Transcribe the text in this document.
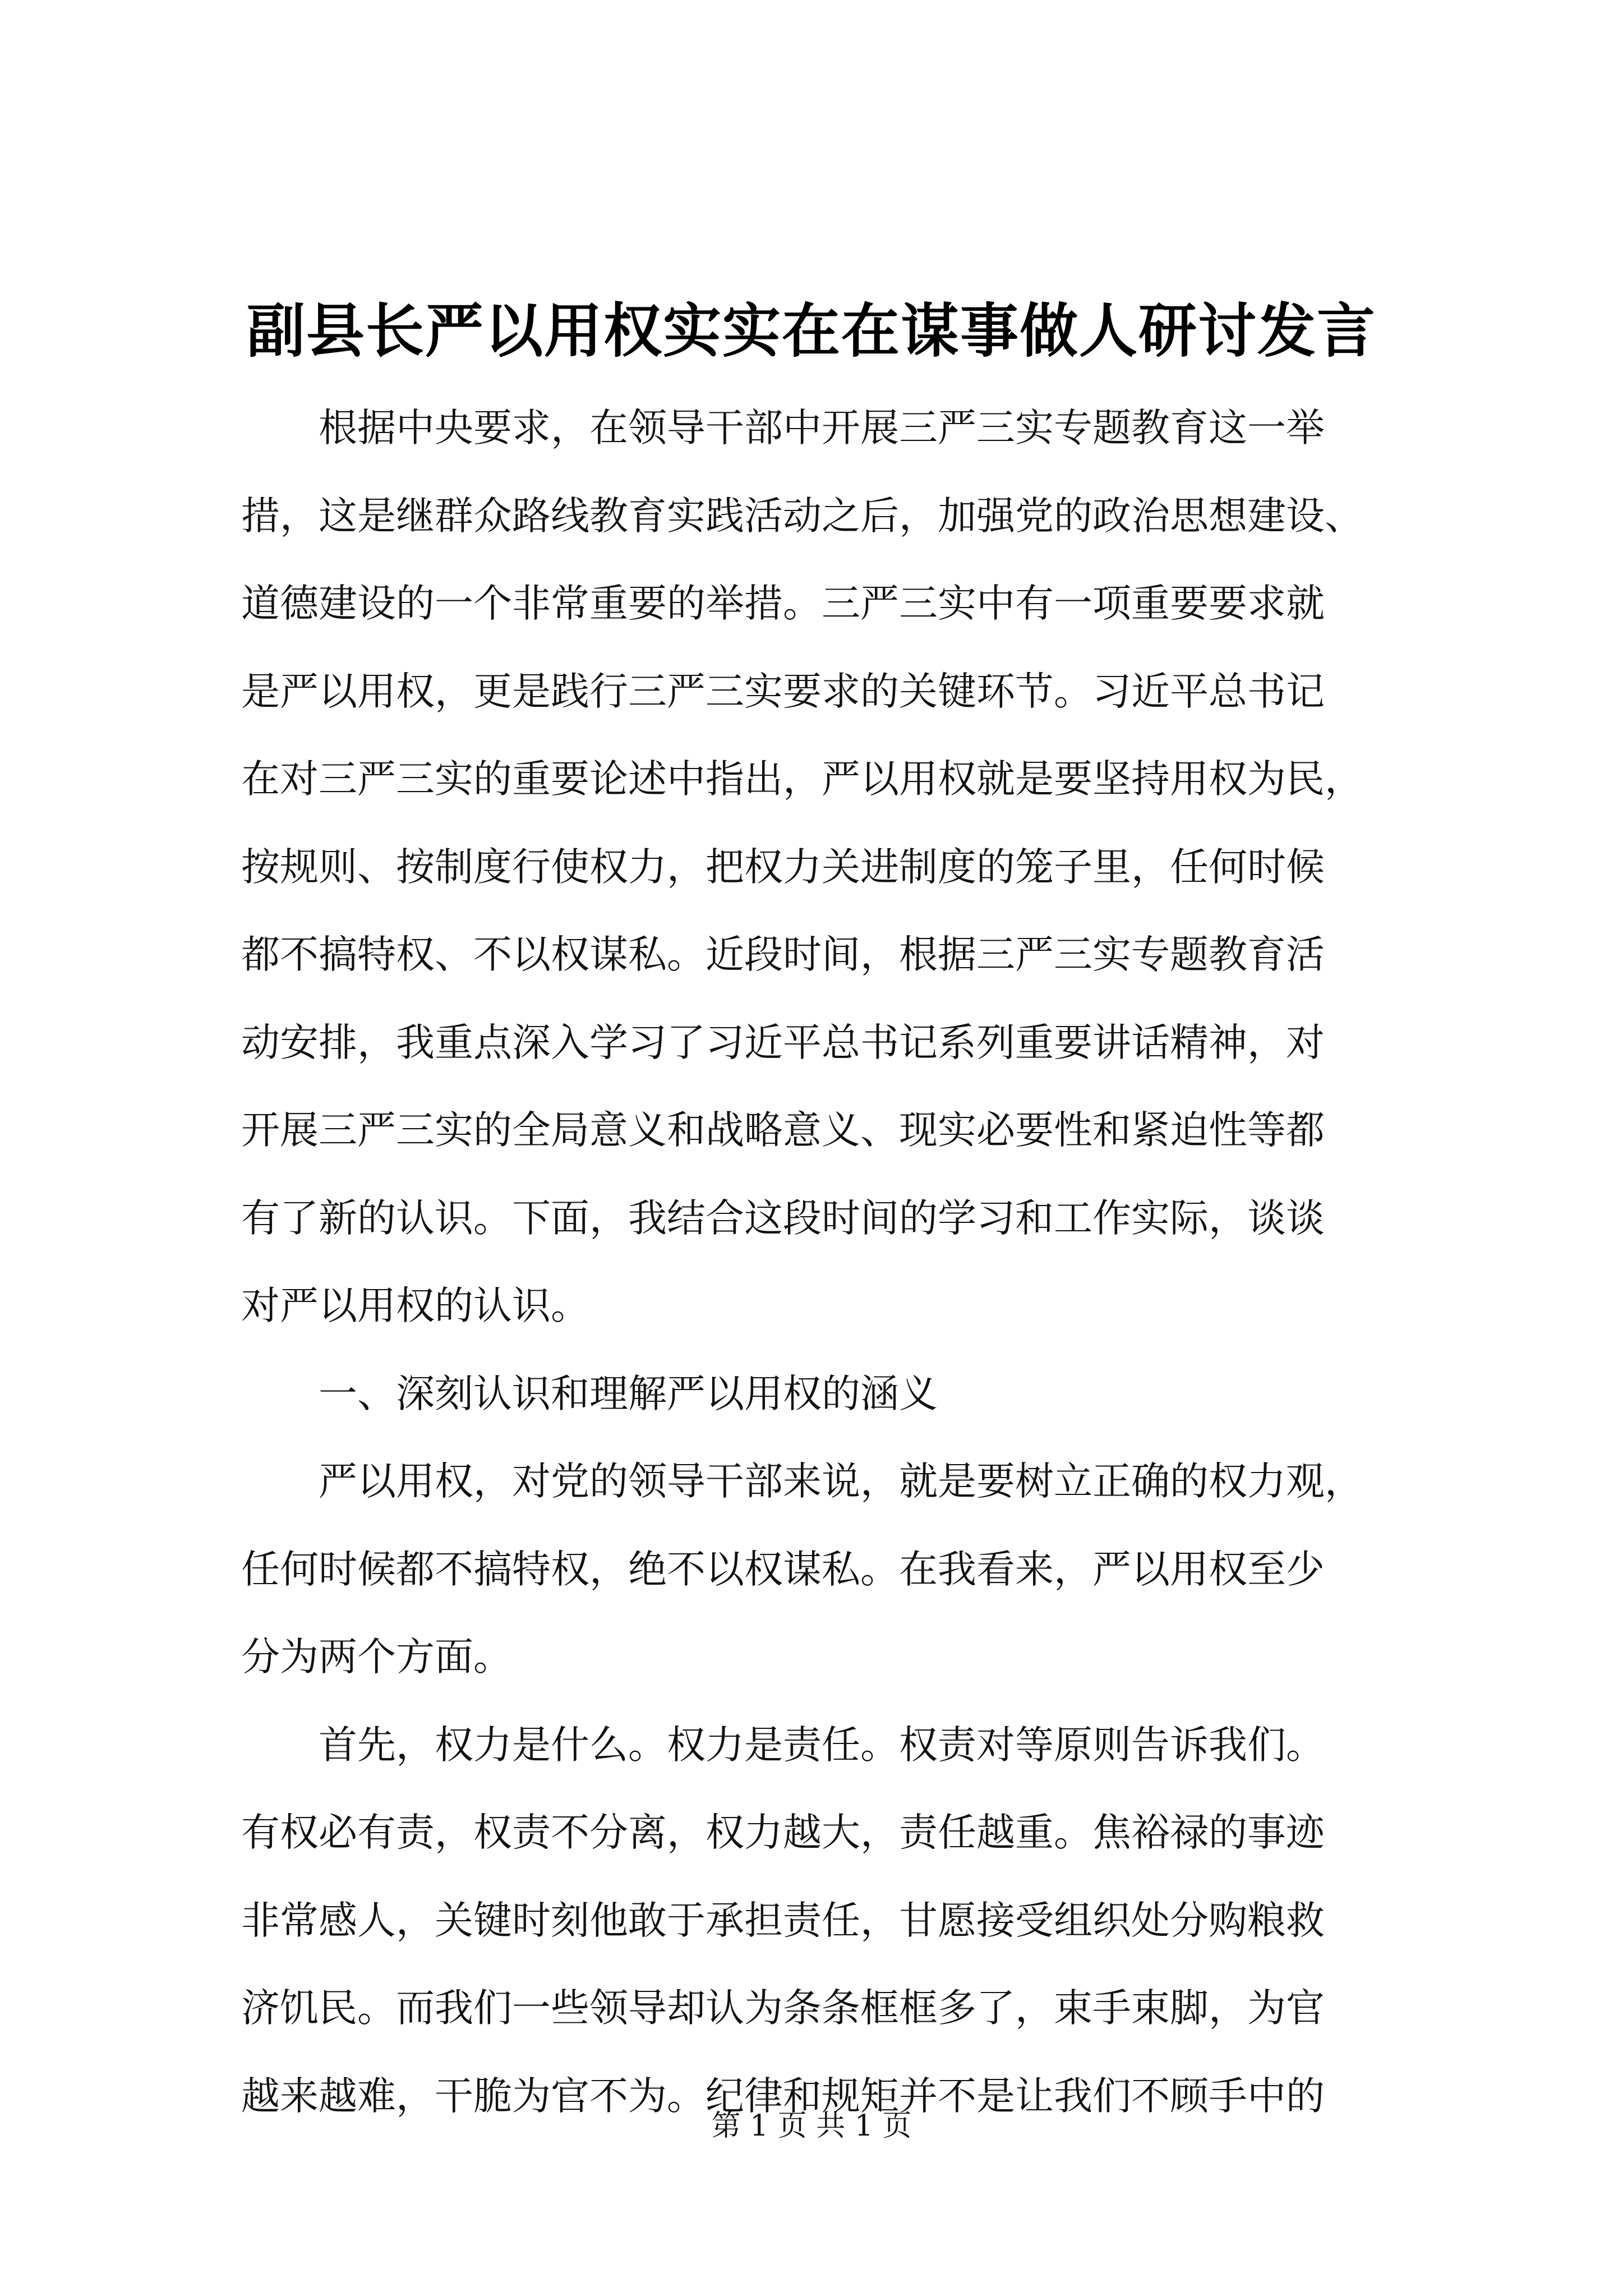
副县长严以用权实实在在谋事做人研讨发言
根据中央要求，在领导干部中开展三严三实专题教育这一举
措，这是继群众路线教育实践活动之后，加强党的政治思想建设、
道德建设的一个非常重要的举措。三严三实中有一项重要要求就
是严以用权，更是践行三严三实要求的关键环节。习近平总书记
在对三严三实的重要论述中指出，严以用权就是要坚持用权为民，
按规则、按制度行使权力，把权力关进制度的笼子里，任何时候
都不搞特权、不以权谋私。近段时间，根据三严三实专题教育活
动安排，我重点深入学习了习近平总书记系列重要讲话精神，对
开展三严三实的全局意义和战略意义、现实必要性和紧迫性等都
有了新的认识。下面，我结合这段时间的学习和工作实际，谈谈
对严以用权的认识。
一、深刻认识和理解严以用权的涵义
严以用权，对党的领导干部来说，就是要树立正确的权力观，
任何时候都不搞特权，绝不以权谋私。在我看来，严以用权至少
分为两个方面。
首先，权力是什么。权力是责任。权责对等原则告诉我们。
有权必有责，权责不分离，权力越大，责任越重。焦裕禄的事迹
非常感人，关键时刻他敢于承担责任，甘愿接受组织处分购粮救
济饥民。而我们一些领导却认为条条框框多了，束手束脚，为官
越来越难，干脆为官不为。纪律和规矩并不是让我们不顾手中的
第 1 页 共 1 页
